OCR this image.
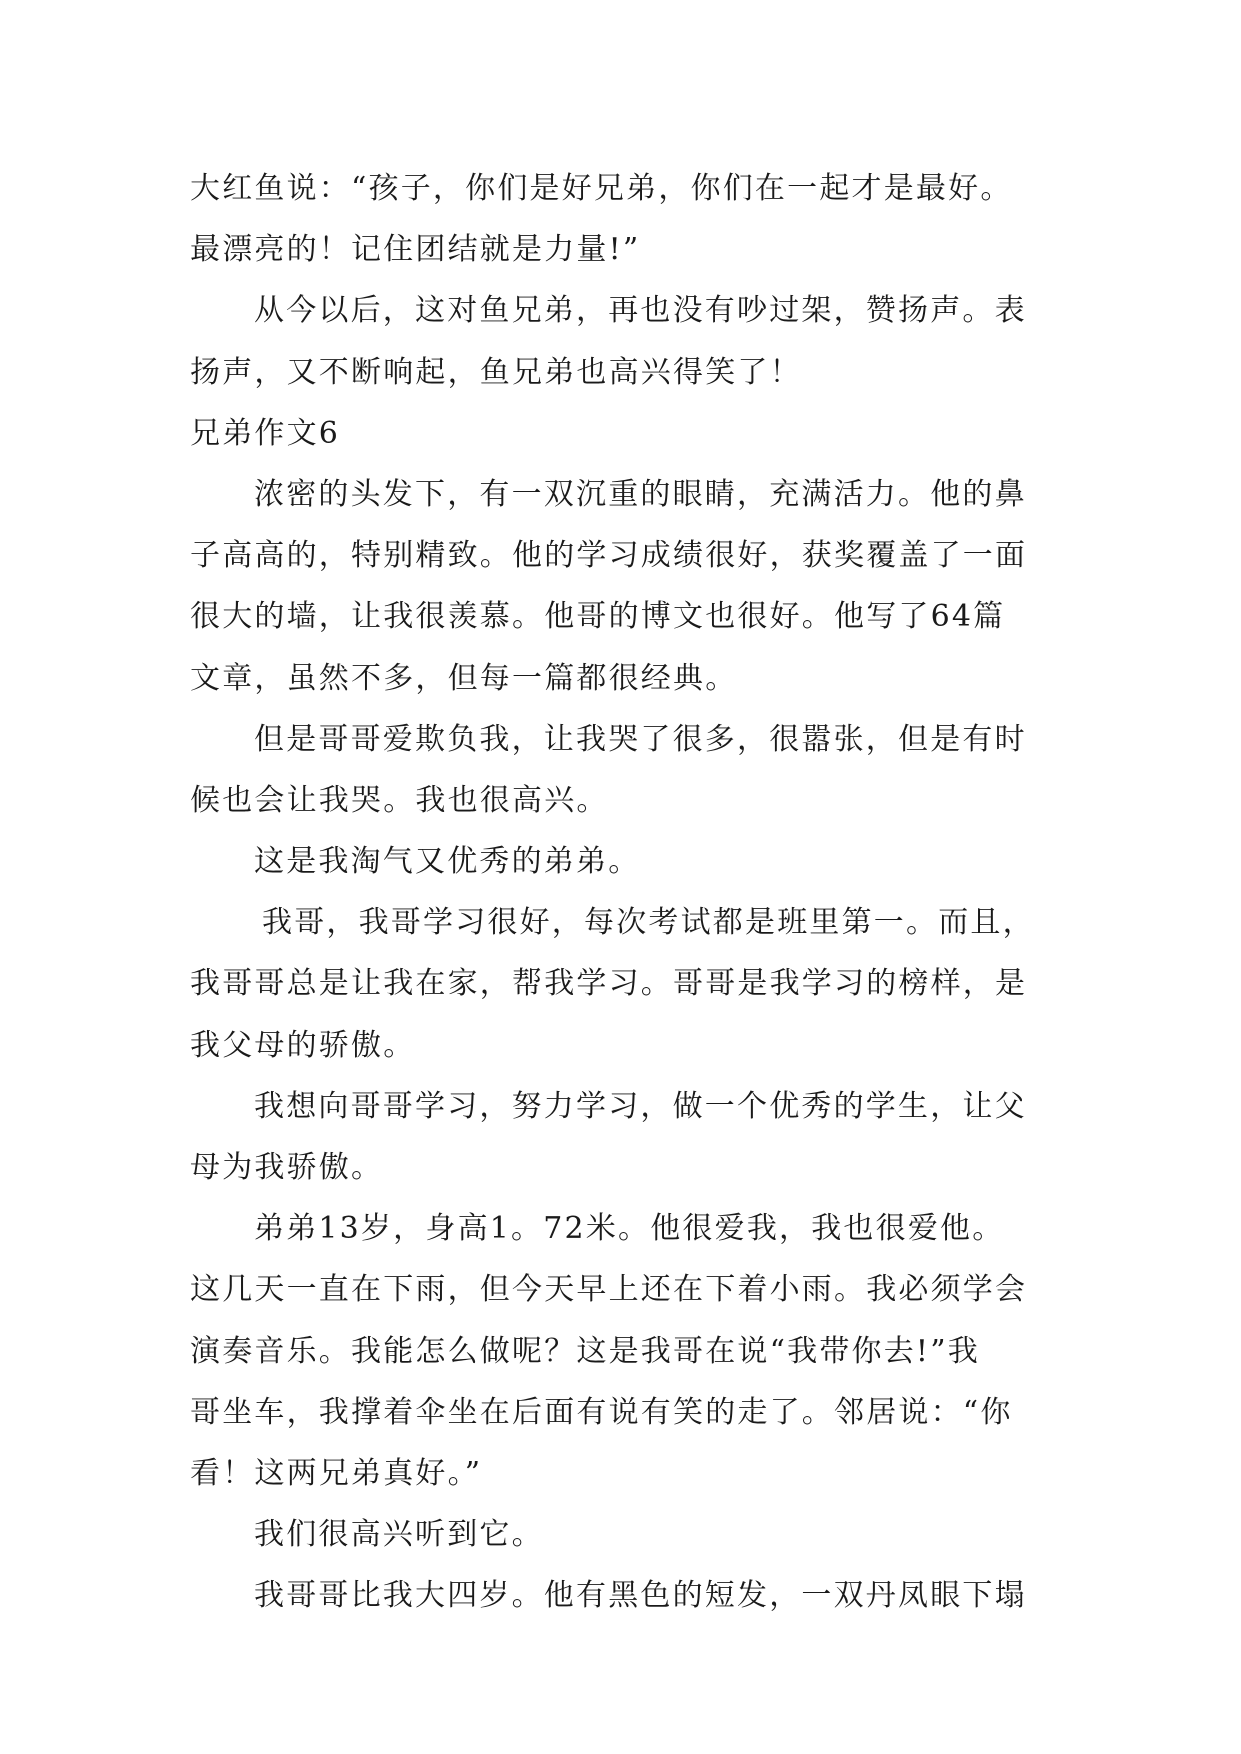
大红鱼说：“孩子，你们是好兄弟，你们在一起才是最好。
最漂亮的！记住团结就是力量!”
从今以后，这对鱼兄弟，再也没有吵过架，赞扬声。表
扬声，又不断响起，鱼兄弟也高兴得笑了！
兄弟作文6
浓密的头发下，有一双沉重的眼睛，充满活力。他的鼻
子高高的，特别精致。他的学习成绩很好，获奖覆盖了一面
很大的墙，让我很羡慕。他哥的博文也很好。他写了64篇
文章，虽然不多，但每一篇都很经典。
但是哥哥爱欺负我，让我哭了很多，很嚣张，但是有时
候也会让我哭。我也很高兴。
这是我淘气又优秀的弟弟。
我哥，我哥学习很好，每次考试都是班里第一。而且，
我哥哥总是让我在家，帮我学习。哥哥是我学习的榜样，是
我父母的骄傲。
我想向哥哥学习，努力学习，做一个优秀的学生，让父
母为我骄傲。
弟弟13岁，身高1。72米。他很爱我，我也很爱他。
这几天一直在下雨，但今天早上还在下着小雨。我必须学会
演奏音乐。我能怎么做呢？这是我哥在说“我带你去!”我
哥坐车，我撑着伞坐在后面有说有笑的走了。邻居说：“你
看！这两兄弟真好。”
我们很高兴听到它。
我哥哥比我大四岁。他有黑色的短发，一双丹凤眼下塌
